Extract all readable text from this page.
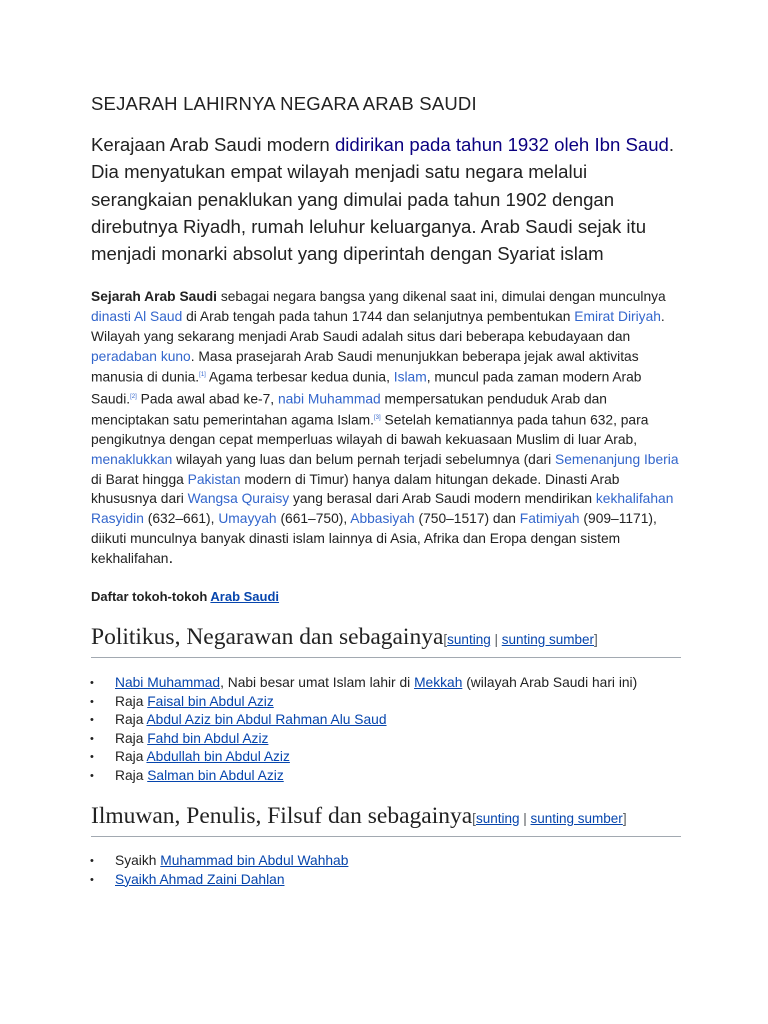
SEJARAH LAHIRNYA NEGARA ARAB SAUDI
Kerajaan Arab Saudi modern didirikan pada tahun 1932 oleh Ibn Saud. Dia menyatukan empat wilayah menjadi satu negara melalui serangkaian penaklukan yang dimulai pada tahun 1902 dengan direbutnya Riyadh, rumah leluhur keluarganya. Arab Saudi sejak itu menjadi monarki absolut yang diperintah dengan Syariat islam
Sejarah Arab Saudi sebagai negara bangsa yang dikenal saat ini, dimulai dengan munculnya dinasti Al Saud di Arab tengah pada tahun 1744 dan selanjutnya pembentukan Emirat Diriyah. Wilayah yang sekarang menjadi Arab Saudi adalah situs dari beberapa kebudayaan dan peradaban kuno. Masa prasejarah Arab Saudi menunjukkan beberapa jejak awal aktivitas manusia di dunia.[1] Agama terbesar kedua dunia, Islam, muncul pada zaman modern Arab Saudi.[2] Pada awal abad ke-7, nabi Muhammad mempersatukan penduduk Arab dan menciptakan satu pemerintahan agama Islam.[3] Setelah kematiannya pada tahun 632, para pengikutnya dengan cepat memperluas wilayah di bawah kekuasaan Muslim di luar Arab, menaklukkan wilayah yang luas dan belum pernah terjadi sebelumnya (dari Semenanjung Iberia di Barat hingga Pakistan modern di Timur) hanya dalam hitungan dekade. Dinasti Arab khususnya dari Wangsa Quraisy yang berasal dari Arab Saudi modern mendirikan kekhalifahan Rasyidin (632–661), Umayyah (661–750), Abbasiyah (750–1517) dan Fatimiyah (909–1171), diikuti munculnya banyak dinasti islam lainnya di Asia, Afrika dan Eropa dengan sistem kekhalifahan.
Daftar tokoh-tokoh Arab Saudi
Politikus, Negarawan dan sebagainya[sunting | sunting sumber]
• Nabi Muhammad, Nabi besar umat Islam lahir di Mekkah (wilayah Arab Saudi hari ini)
• Raja Faisal bin Abdul Aziz
• Raja Abdul Aziz bin Abdul Rahman Alu Saud
• Raja Fahd bin Abdul Aziz
• Raja Abdullah bin Abdul Aziz
• Raja Salman bin Abdul Aziz
Ilmuwan, Penulis, Filsuf dan sebagainya[sunting | sunting sumber]
• Syaikh Muhammad bin Abdul Wahhab
• Syaikh Ahmad Zaini Dahlan
